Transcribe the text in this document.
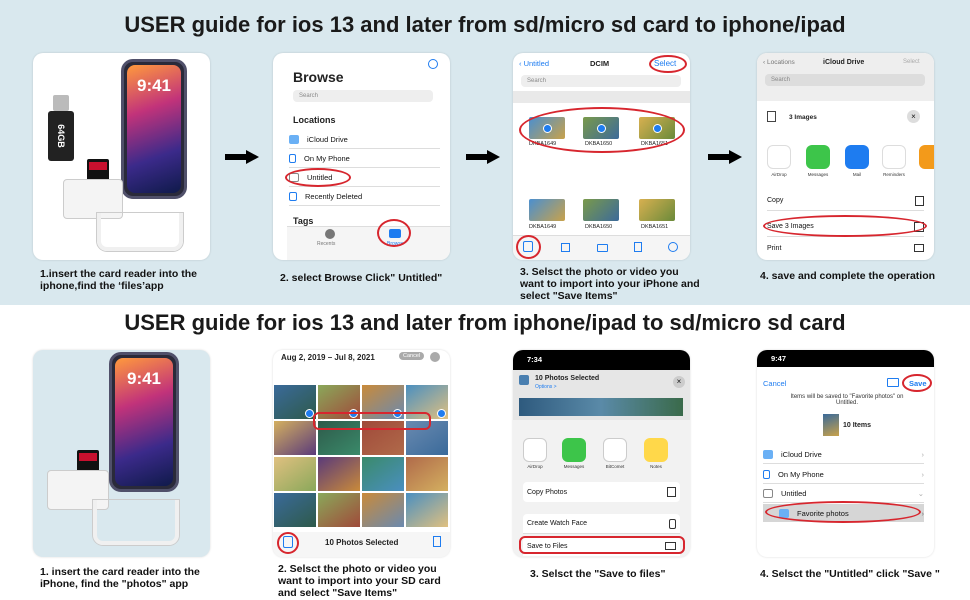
USER guide for ios 13 and later from sd/micro sd card to iphone/ipad
USER guide for ios 13 and later from iphone/ipad to sd/micro sd card
64GB
9:41
1.insert the card reader into the iphone,find the ‘files’app
Browse
Search
Locations
iCloud Drive
On My Phone
Untitled
Recently Deleted
Tags
Recents	Browse
2. select Browse Click" Untitled"
‹ Untitled	DCIM	Select
Search
DKBA1649	DKBA1650	DKBA1651
DKBA1649	DKBA1650	DKBA1651
3. Selsct the photo or video you want to import into your iPhone and select "Save Items"
‹ Locations	iCloud Drive	Select
Search
3 Images	×
AirDrop	Messages	Mail	Reminders
Copy
Save 3 Images
Print
4. save and complete the operation
9:41
1. insert the card reader into the iPhone, find the "photos" app
Aug 2, 2019 – Jul 8, 2021	Cancel
10 Photos Selected
2. Selsct the photo or video you want to import into your SD card and select "Save Items"
7:34
10 Photos Selected
Options >
×
AirDrop	Messages	BitComet	Notes
Copy Photos
Create Watch Face
Save to Files
3. Selsct the "Save to files"
9:47
Cancel	Save
Items will be saved to "Favorite photos" on Untitled.
10 Items
iCloud Drive	›
On My Phone	›
Untitled	⌄
Favorite photos	›
4. Selsct the "Untitled" click "Save "
